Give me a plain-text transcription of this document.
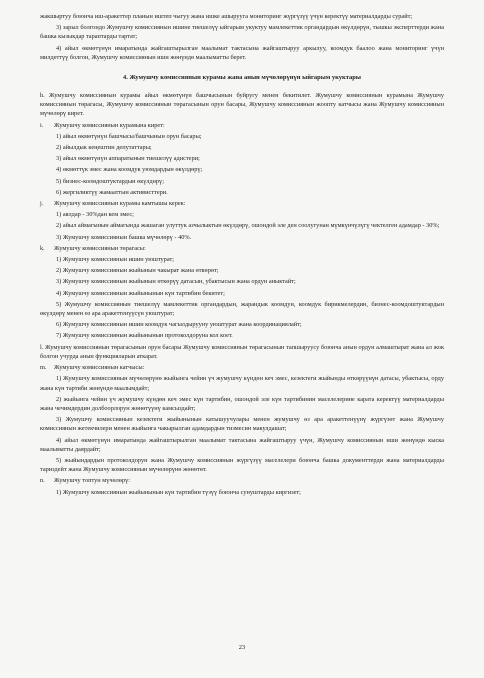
жакшыртуу боюнча иш-аракеттер планын иштеп чыгуу жана ишке ашырууга мониторинг жүргүзүү үчүн керектүү материалдарды сурайт;

3) зарыл болгондо Жумушчу комиссиянын ишине тиешелүү ыйгарым укуктуу мамлекеттик органдардын өкүлдөрүн, тышкы эксперттерди жана башка кызыкдар тараптарды тартат;

4) айыл өкмөтүнүн имаратында жайгаштырылган маалымат тактасына жайгаштыруу аркылуу, коомдук баалоо жана мониторинг үчүн милдеттүү болгон, Жумушчу комиссиянын иши жөнүндө маалыматты берет.

4. Жумушчу комиссиянын курамы жана анын мүчөлөрүнүн ыйгарым укуктары

h. Жумушчу комиссиянын курамы айыл өкмөтүнүн башчысынын буйругу менен бекитилет. Жумушчу комиссиянын курамына Жумушчу комиссиянын төрагасы, Жумушчу комиссиянын төрагасынын орун басары, Жумушчу комиссиянын жоопту катчысы жана Жумушчу комиссиянын мүчөлөрү кирет.

i. Жумушчу комиссиянын курамына кирет:

1) айыл өкмөтүнүн башчысы/башчынын орун басары;

2) айылдык кеңештин депутаттары;

3) айыл өкмөтүнүн аппаратынын тиешелүү адистери;

4) өкмөттүк эмес жана коомдук уюмдардын өкүлдөрү;

5) бизнес-коомдоштуктардын өкүлдөрү;

6) жергиликтүү жамааттын активисттери.

j. Жумушчу комиссиянын курамы камтышы керек:

1) аялдар - 30%дан кем эмес;

2) айыл аймагынын аймагында жашаган улуттук азчылыктын өкүлдөрү, ошондой эле ден соолугунан мүмкүнчүлүгү чектелген адамдар - 30%;

3) Жумушчу комиссиянын башка мүчөлөрү - 40%.

k. Жумушчу комиссиянын төрагасы:

1) Жумушчу комиссиянын ишин уюштурат;

2) Жумушчу комиссиянын жыйынын чакырат жана өткөрөт;

3) Жумушчу комиссиянын жыйынын өткөрүү датасын, убактысын жана ордун аныктайт;

4) Жумушчу комиссиянын жыйынынын күн тартибин бекитет;

5) Жумушчу комиссиянын тиешелүү мамлекеттик органдардын, жарандык коомдун, коомдук бирикмелердин, бизнес-коомдоштуктардын өкүлдөрү менен өз ара аракеттенүүсүн уюштурат;

6) Жумушчу комиссиянын ишин коомдук чагылдырууну уюштурат жана координациялайт;

7) Жумушчу комиссиянын жыйынынын протоколдоруна кол коет.

l. Жумушчу комиссиянын төрагасынын орун басары Жумушчу комиссиянын төрагасынын тапшыруусу боюнча анын ордун алмаштырат жана ал жок болгон учурда анын функцияларын аткарат.

m. Жумушчу комиссиянын катчысы:

1) Жумушчу комиссиянын мүчөлөрүнө жыйынга чейин үч жумушчу күндөн кеч эмес, кезектеги жыйынды өткөрүүнүн датасы, убактысы, орду жана күн тартиби жөнүндө маалымдайт;

2) жыйынга чейин үч жумушчу күндөн кеч эмес күн тартибин, ошондой эле күн тартибинин маселелерине карата керектүү материалдарды жана чечимдердин долбоорлорун жөнөтүүнү камсыздайт;

3) Жумушчу комиссиянын кезектеги жыйынынын катышуучулары менен жумушчу өз ара аракеттенүүнү жүргүзөт жана Жумушчу комиссиянын жетекчилери менен жыйынга чакырылган адамдардын тизмесин макулдашат;

4) айыл өкмөтүнүн имаратында жайгаштырылган маалымат тактасына жайгаштыруу үчүн, Жумушчу комиссиянын иши жөнүндө кыска маалыматты даярдайт;

5) жыйындардын протоколдорун жана Жумушчу комиссиянын жүргүзүү маселелери боюнча башка документтерди жана материалдарды тариздейт жана Жумушчу комиссиянын мүчөлөрүнө жөнөтөт.

n. Жумушчу топтун мүчөлөрү:

1) Жумушчу комиссиянын жыйынынын күн тартибин түзүү боюнча сунуштарды киргизет;

23
